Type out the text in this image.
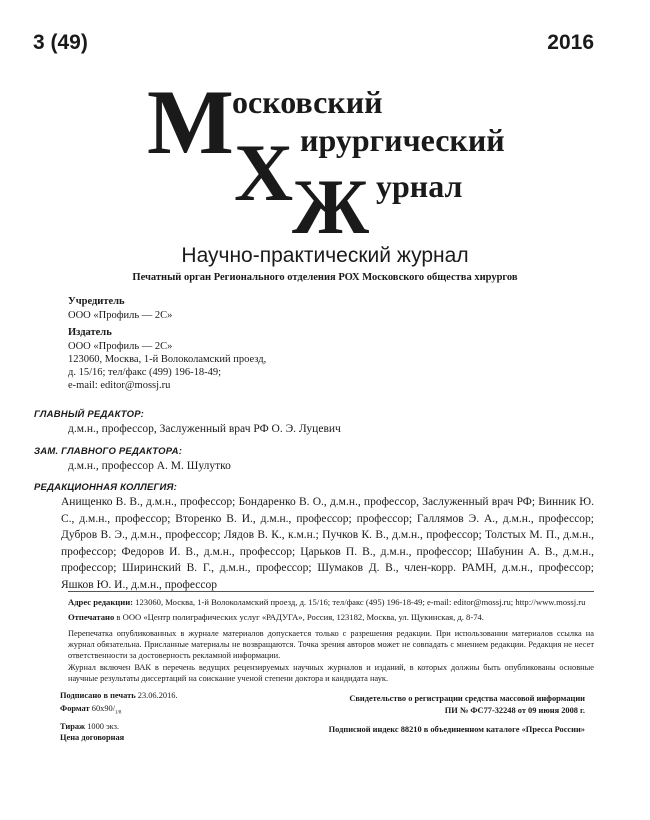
3 (49)	2016
М
осковский
Х ирургический
Ж урнал
Научно-практический журнал
Печатный орган Регионального отделения РОХ Московского общества хирургов
Учредитель
ООО «Профиль — 2С»
Издатель
ООО «Профиль — 2С»
123060, Москва, 1-й Волоколамский проезд,
д. 15/16; тел/факс (499) 196-18-49;
e-mail: editor@mossj.ru
ГЛАВНЫЙ РЕДАКТОР:
д.м.н., профессор, Заслуженный врач РФ О. Э. Луцевич
ЗАМ. ГЛАВНОГО РЕДАКТОРА:
д.м.н., профессор А. М. Шулутко
РЕДАКЦИОННАЯ КОЛЛЕГИЯ:
Анищенко В. В., д.м.н., профессор; Бондаренко В. О., д.м.н., профессор, Заслуженный врач РФ; Винник Ю. С., д.м.н., профессор; Вторенко В. И., д.м.н., профессор; профессор; Галлямов Э. А., д.м.н., профессор; Дубров В. Э., д.м.н., профессор; Лядов В. К., к.м.н.; Пучков К. В., д.м.н., профессор; Толстых М. П., д.м.н., профессор; Федоров И. В., д.м.н., профессор; Царьков П. В., д.м.н., профессор; Шабунин А. В., д.м.н., профессор; Ширинский В. Г., д.м.н., профессор; Шумаков Д. В., член-корр. РАМН, д.м.н., профессор; Яшков Ю. И., д.м.н., профессор
Адрес редакции: 123060, Москва, 1-й Волоколамский проезд, д. 15/16; тел/факс (495) 196-18-49; e-mail: editor@mossj.ru; http://www.mossj.ru
Отпечатано в ООО «Центр полиграфических услуг «РАДУГА», Россия, 123182, Москва, ул. Щукинская, д. 8-74.
Перепечатка опубликованных в журнале материалов допускается только с разрешения редакции. При использовании материалов ссылка на журнал обязательна. Присланные материалы не возвращаются. Точка зрения авторов может не совпадать с мнением редакции. Редакция не несет ответственности за достоверность рекламной информации.
Журнал включен ВАК в перечень ведущих рецензируемых научных журналов и изданий, в которых должны быть опубликованы основные научные результаты диссертаций на соискание ученой степени доктора и кандидата наук.
Подписано в печать 23.06.2016.
Формат $60х90/_{1/8}$
Тираж 1000 экз.
Цена договорная
Свидетельство о регистрации средства массовой информации
ПИ № ФС77-32248 от 09 июня 2008 г.
Подписной индекс 88210 в объединенном каталоге «Пресса России»
